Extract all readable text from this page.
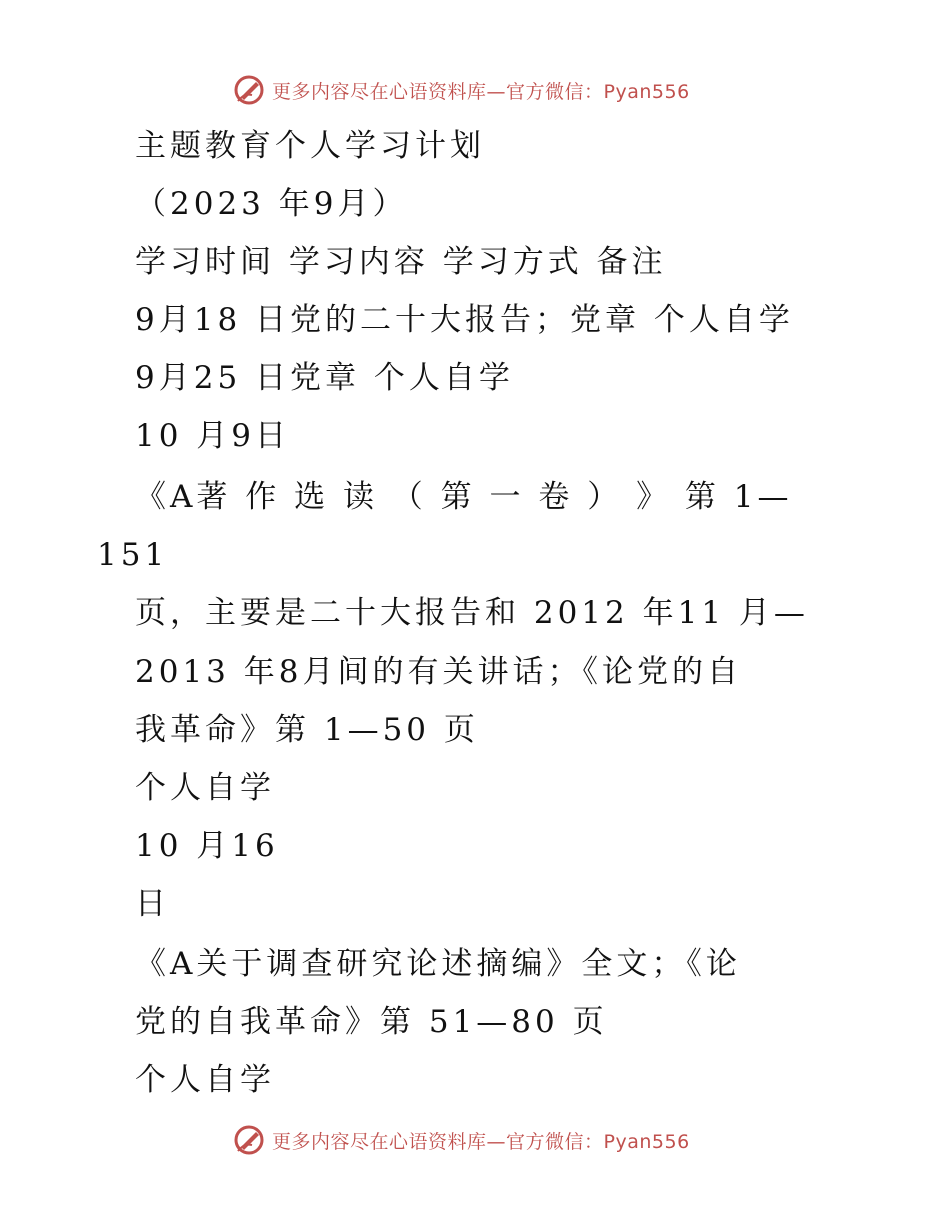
更多内容尽在心语资料库—官方微信：Pyan556
主题教育个人学习计划
（2023 年9月）
学习时间 学习内容 学习方式 备注
9月18 日党的二十大报告；党章 个人自学
9月25 日党章 个人自学
10 月9日
《A著 作 选 读 （ 第 一 卷 ） 》 第 1—
151
页，主要是二十大报告和 2012 年11 月—
2013 年8月间的有关讲话；《论党的自
我革命》第 1—50 页
个人自学
10 月16
日
《A关于调查研究论述摘编》全文；《论
党的自我革命》第 51—80 页
个人自学
更多内容尽在心语资料库—官方微信：Pyan556
